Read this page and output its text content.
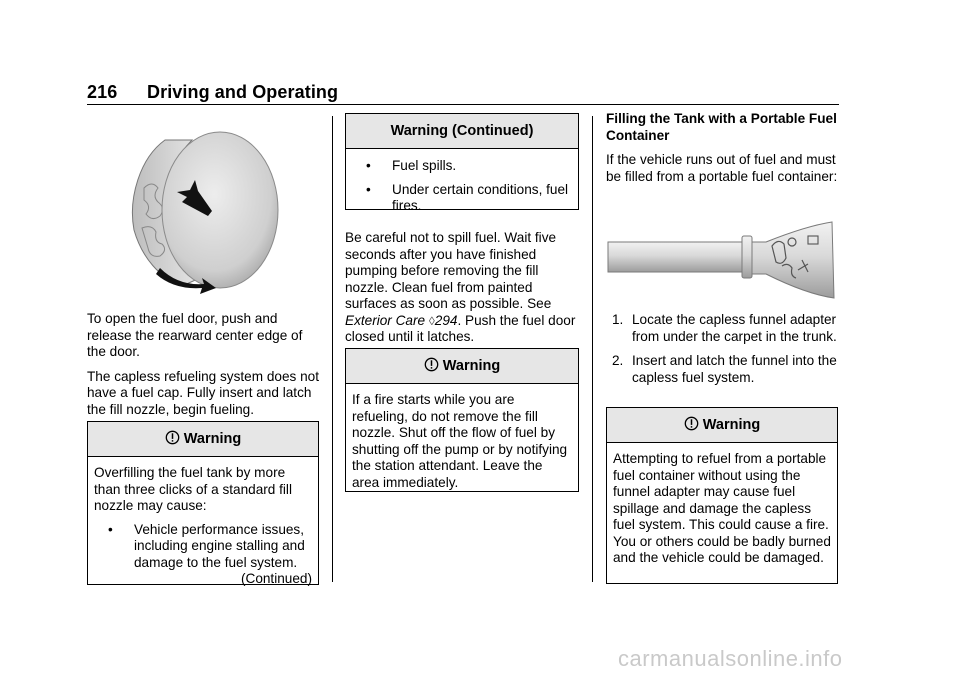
216 Driving and Operating

To open the fuel door, push and release the rearward center edge of the door.

The capless refueling system does not have a fuel cap. Fully insert and latch the fill nozzle, begin fueling.

Warning

Overfilling the fuel tank by more than three clicks of a standard fill nozzle may cause:

• Vehicle performance issues, including engine stalling and damage to the fuel system.
(Continued)
Warning (Continued)
• Fuel spills.
• Under certain conditions, fuel fires.

Be careful not to spill fuel. Wait five seconds after you have finished pumping before removing the fill nozzle. Clean fuel from painted surfaces as soon as possible. See Exterior Care ◊294. Push the fuel door closed until it latches.

Warning

If a fire starts while you are refueling, do not remove the fill nozzle. Shut off the flow of fuel by shutting off the pump or by notifying the station attendant. Leave the area immediately.

Filling the Tank with a Portable Fuel Container

If the vehicle runs out of fuel and must be filled from a portable fuel container:

1. Locate the capless funnel adapter from under the carpet in the trunk.
2. Insert and latch the funnel into the capless fuel system.
Warning

Attempting to refuel from a portable fuel container without using the funnel adapter may cause fuel spillage and damage the capless fuel system. This could cause a fire. You or others could be badly burned and the vehicle could be damaged.

carmanualsonline.info
